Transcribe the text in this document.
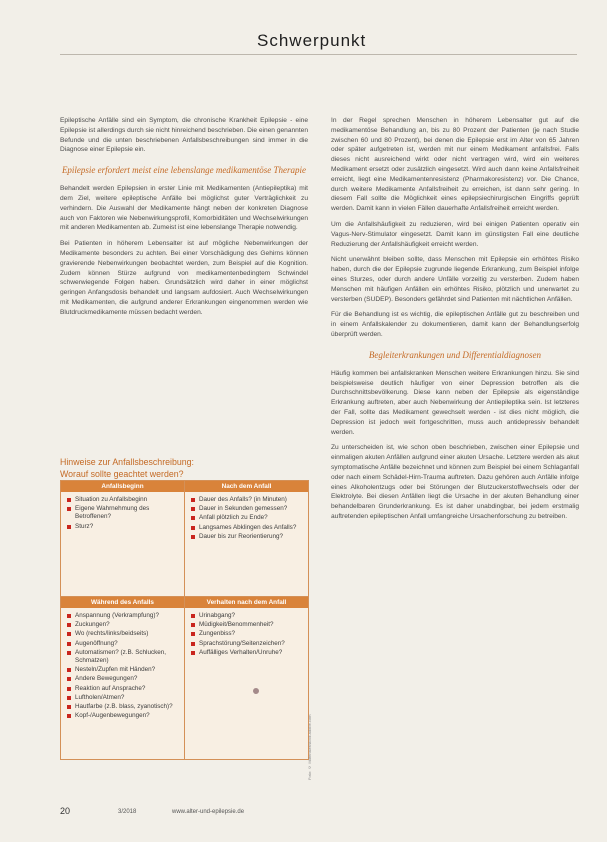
Schwerpunkt

Epileptische Anfälle sind ein Symptom, die chronische Krankheit Epilepsie - eine Epilepsie ist allerdings durch sie nicht hinreichend beschrieben. Die einen genannten Befunde und die unten beschriebenen Anfallsbeschreibungen sind immer in die Diagnose einer Epilepsie ein.

Epilepsie erfordert meist eine lebenslange medikamentöse Therapie

Behandelt werden Epilepsien in erster Linie mit Medikamenten (Antiepileptika) mit dem Ziel, weitere epileptische Anfälle bei möglichst guter Verträglichkeit zu verhindern. Die Auswahl der Medikamente hängt neben der konkreten Diagnose auch von Faktoren wie Nebenwirkungsprofil, Komorbiditäten und Wechselwirkungen mit anderen Medikamenten ab. Zumeist ist eine lebenslange Therapie notwendig.

Bei Patienten in höherem Lebensalter ist auf mögliche Nebenwirkungen der Medikamente besonders zu achten. Bei einer Vorschädigung des Gehirns können gravierende Nebenwirkungen beobachtet werden, zum Beispiel auf die Kognition. Zudem können Stürze aufgrund von medikamentenbedingtem Schwindel schwerwiegende Folgen haben. Grundsätzlich wird daher in einer möglichst geringen Anfangsdosis behandelt und langsam aufdosiert. Auch Wechselwirkungen mit Medikamenten, die aufgrund anderer Erkrankungen eingenommen werden wie Blutdruckmedikamente müssen bedacht werden.

Hinweise zur Anfallsbeschreibung:
Worauf sollte geachtet werden?
Anfallsbeginn
Situation zu Anfallsbeginn
Eigene Wahrnehmung des Betroffenen?
Sturz?
Nach dem Anfall
Dauer des Anfalls? (in Minuten)
Dauer in Sekunden gemessen?
Anfall plötzlich zu Ende?
Langsames Abklingen des Anfalls?
Dauer bis zur Reorientierung?
Während des Anfalls
Anspannung (Verkrampfung)?
Zuckungen?
Wo (rechts/links/beidseits)
Augenöffnung?
Automatismen? (z.B. Schlucken, Schmatzen)
Nesteln/Zupfen mit Händen?
Andere Bewegungen?
Reaktion auf Ansprache?
Luftholen/Atmen?
Hautfarbe (z.B. blass, zyanotisch)?
Kopf-/Augenbewegungen?
Verhalten nach dem Anfall
Urinabgang?
Müdigkeit/Benommenheit?
Zungenbiss?
Sprachstörung/Seitenzeichen?
Auffälliges Verhalten/Unruhe?
Foto: © Mdfenster/stock.adobe.com

In der Regel sprechen Menschen in höherem Lebensalter gut auf die medikamentöse Behandlung an, bis zu 80 Prozent der Patienten (je nach Studie zwischen 60 und 80 Prozent), bei denen die Epilepsie erst im Alter von 65 Jahren oder später aufgetreten ist, werden mit nur einem Medikament anfallsfrei. Falls dieses nicht ausreichend wirkt oder nicht vertragen wird, wird ein weiteres Medikament ersetzt oder zusätzlich eingesetzt. Wird auch dann keine Anfallsfreiheit erreicht, liegt eine Medikamentenresistenz (Pharmakoresistenz) vor. Die Chance, durch weitere Medikamente Anfallsfreiheit zu erreichen, ist dann sehr gering. In diesem Fall sollte die Möglichkeit eines epilepsiechirurgischen Eingriffs geprüft werden. Damit kann in vielen Fällen dauerhafte Anfallsfreiheit erreicht werden.

Um die Anfallshäufigkeit zu reduzieren, wird bei einigen Patienten operativ ein Vagus-Nerv-Stimulator eingesetzt. Damit kann im günstigsten Fall eine deutliche Reduzierung der Anfallshäufigkeit erreicht werden.

Nicht unerwähnt bleiben sollte, dass Menschen mit Epilepsie ein erhöhtes Risiko haben, durch die der Epilepsie zugrunde liegende Erkrankung, zum Beispiel infolge eines Sturzes, oder durch andere Unfälle vorzeitig zu versterben. Zudem haben Menschen mit häufigen Anfällen ein erhöhtes Risiko, plötzlich und unerwartet zu versterben (SUDEP). Besonders gefährdet sind Patienten mit nächtlichen Anfällen.

Für die Behandlung ist es wichtig, die epileptischen Anfälle gut zu beschreiben und in einem Anfallskalender zu dokumentieren, damit kann der Behandlungserfolg überprüft werden.

Begleiterkrankungen und Differentialdiagnosen

Häufig kommen bei anfallskranken Menschen weitere Erkrankungen hinzu. Sie sind beispielsweise deutlich häufiger von einer Depression betroffen als die Durchschnittsbevölkerung. Diese kann neben der Epilepsie als eigenständige Erkrankung auftreten, aber auch Nebenwirkung der Antiepileptika sein. Ist letzteres der Fall, sollte das Medikament gewechselt werden - ist dies nicht möglich, die Depression ist jedoch weit fortgeschritten, muss auch antidepressiv behandelt werden.

Zu unterscheiden ist, wie schon oben beschrieben, zwischen einer Epilepsie und einmaligen akuten Anfällen aufgrund einer akuten Ursache. Letztere werden als akut symptomatische Anfälle bezeichnet und können zum Beispiel bei einem Schlaganfall oder nach einem Schädel-Hirn-Trauma auftreten. Dazu gehören auch Anfälle infolge eines Alkoholentzugs oder bei Störungen der Blutzuckerstoffwechsels oder der Elektrolyte. Bei diesen Anfällen liegt die Ursache in der akuten Behandlung einer behandelbaren Grunderkrankung. Es ist daher unabdingbar, bei jedem erstmalig auftretenden epileptischen Anfall umfangreiche Ursachenforschung zu betreiben.

20	3/2018	www.alter-und-epilepsie.de
